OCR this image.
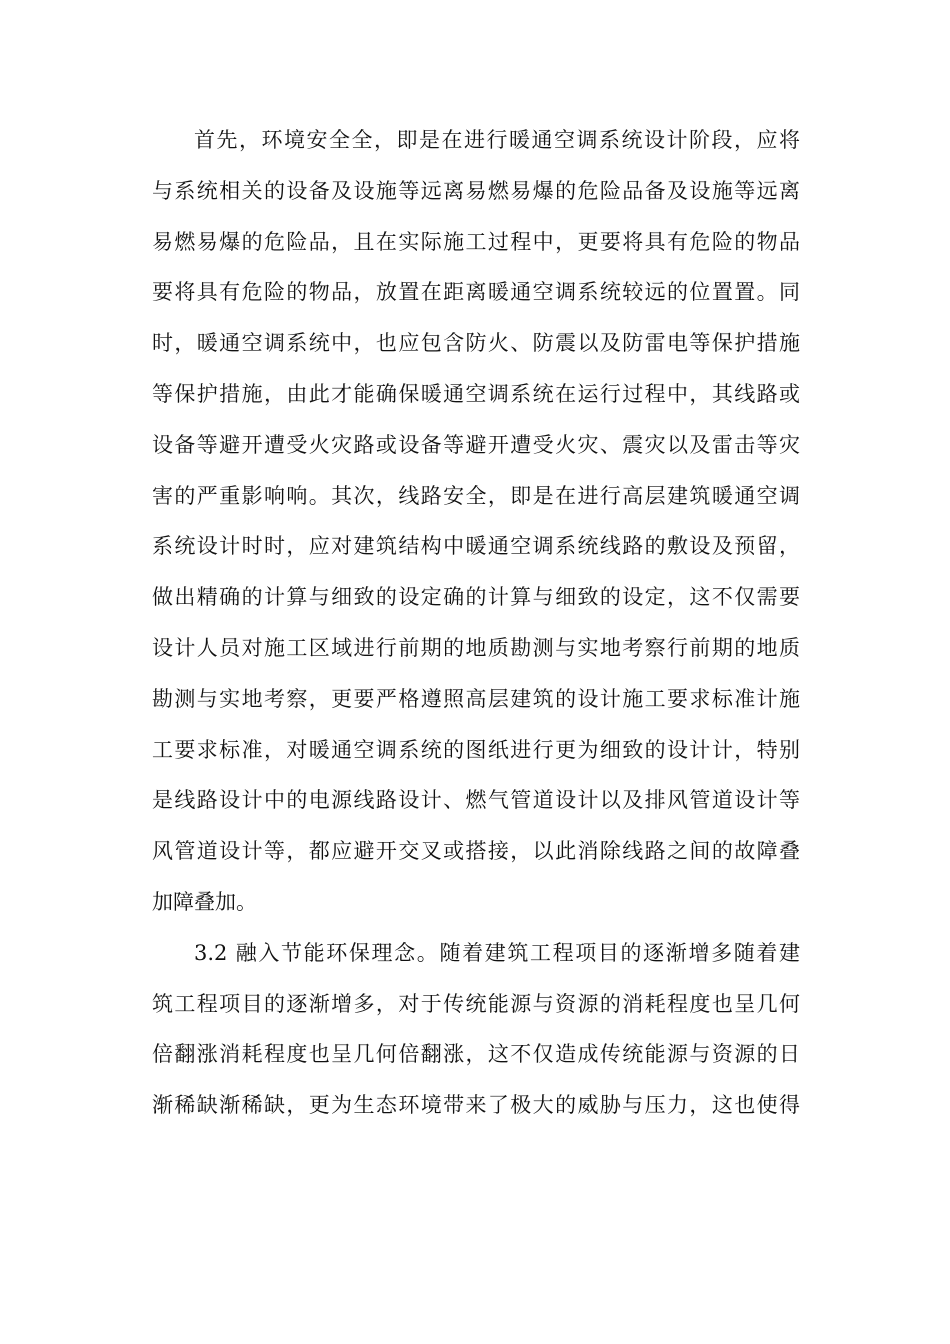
首先，环境安全全，即是在进行暖通空调系统设计阶段，应将
与系统相关的设备及设施等远离易燃易爆的危险品备及设施等远离
易燃易爆的危险品，且在实际施工过程中，更要将具有危险的物品
要将具有危险的物品，放置在距离暖通空调系统较远的位置置。同
时，暖通空调系统中，也应包含防火、防震以及防雷电等保护措施
等保护措施，由此才能确保暖通空调系统在运行过程中，其线路或
设备等避开遭受火灾路或设备等避开遭受火灾、震灾以及雷击等灾
害的严重影响响。其次，线路安全，即是在进行高层建筑暖通空调
系统设计时时，应对建筑结构中暖通空调系统线路的敷设及预留，
做出精确的计算与细致的设定确的计算与细致的设定，这不仅需要
设计人员对施工区域进行前期的地质勘测与实地考察行前期的地质
勘测与实地考察，更要严格遵照高层建筑的设计施工要求标准计施
工要求标准，对暖通空调系统的图纸进行更为细致的设计计，特别
是线路设计中的电源线路设计、燃气管道设计以及排风管道设计等
风管道设计等，都应避开交叉或搭接，以此消除线路之间的故障叠
加障叠加。
3.2 融入节能环保理念。随着建筑工程项目的逐渐增多随着建
筑工程项目的逐渐增多，对于传统能源与资源的消耗程度也呈几何
倍翻涨消耗程度也呈几何倍翻涨，这不仅造成传统能源与资源的日
渐稀缺渐稀缺，更为生态环境带来了极大的威胁与压力，这也使得
